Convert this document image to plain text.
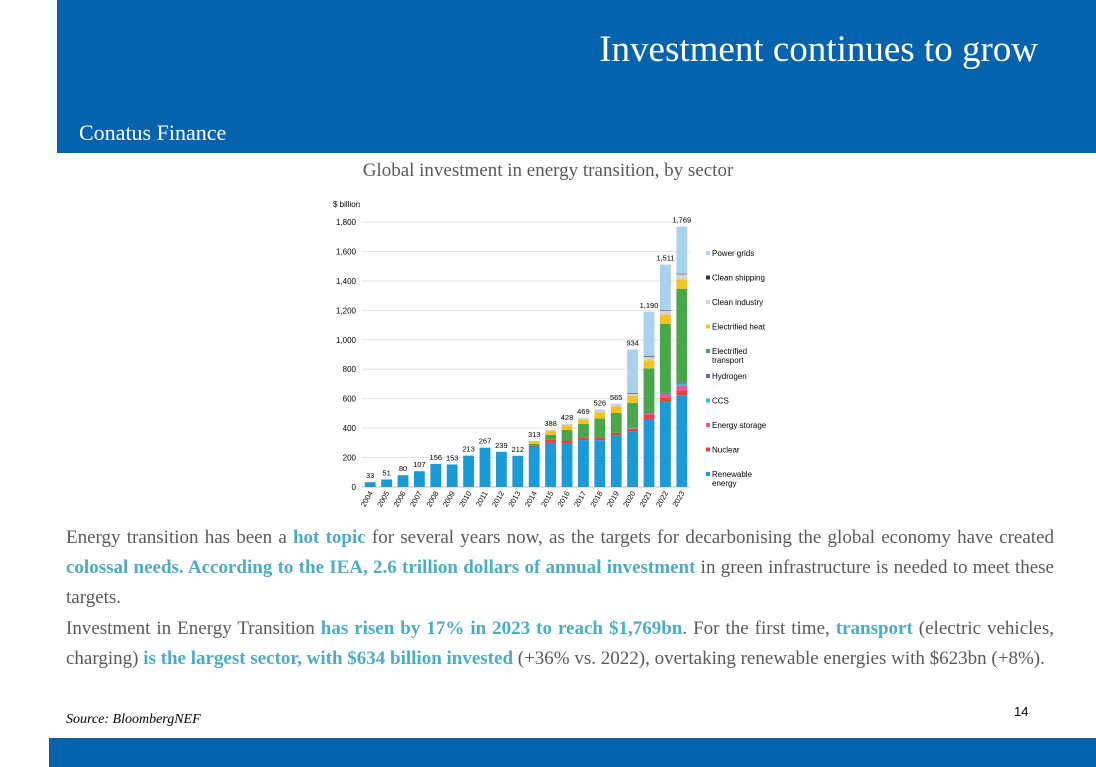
Investment continues to grow
Conatus Finance
Global investment in energy transition, by sector
$ billion
0
200
400
600
800
1,000
1,200
1,400
1,600
1,800
33
2004
51
2005
80
2006
107
2007
156
2008
153
2009
213
2010
267
2011
239
2012
212
2013
313
2014
388
2015
428
2016
469
2017
526
2018
565
2019
934
2020
1,190
2021
1,511
2022
1,769
2023
Power grids
Clean shipping
Clean industry
Electrified heat
Electrified
transport
Hydrogen
CCS
Energy storage
Nuclear
Renewable
energy

Energy transition has been a hot topic for several years now, as the targets for decarbonising the global economy have created colossal needs. According to the IEA, 2.6 trillion dollars of annual investment in green infrastructure is needed to meet these targets.

Investment in Energy Transition has risen by 17% in 2023 to reach $1,769bn. For the first time, transport (electric vehicles, charging) is the largest sector, with $634 billion invested (+36% vs. 2022), overtaking renewable energies with $623bn (+8%).

Source: BloombergNEF
14
